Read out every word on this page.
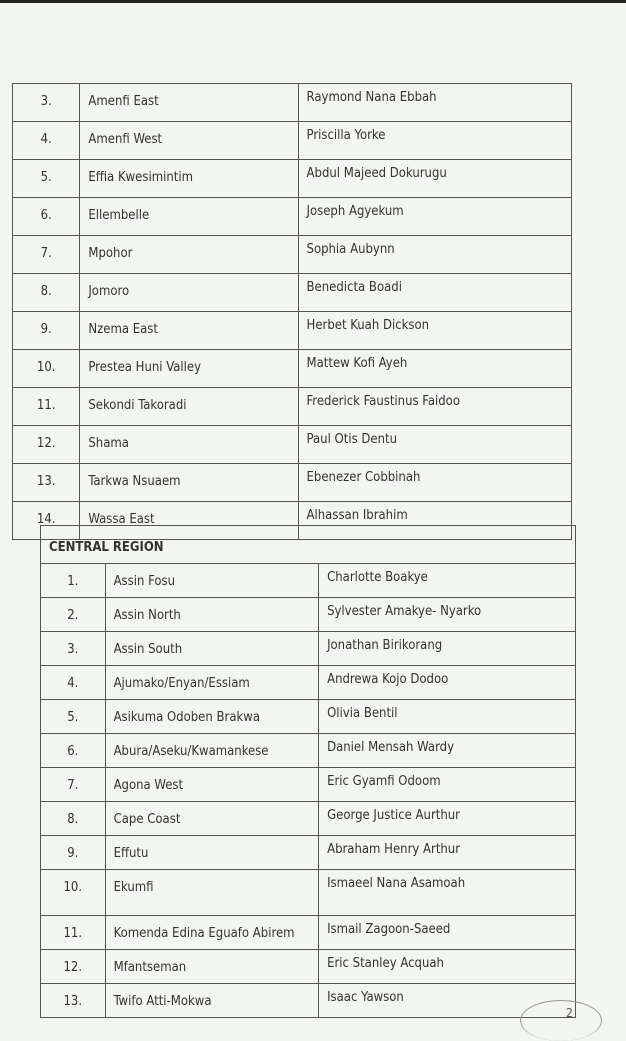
3.	Amenfi East	Raymond Nana Ebbah
4.	Amenfi West	Priscilla Yorke
5.	Effia Kwesimintim	Abdul Majeed Dokurugu
6.	Ellembelle	Joseph Agyekum
7.	Mpohor	Sophia Aubynn
8.	Jomoro	Benedicta Boadi
9.	Nzema East	Herbet Kuah Dickson
10.	Prestea Huni Valley	Mattew Kofi Ayeh
11.	Sekondi Takoradi	Frederick Faustinus Faidoo
12.	Shama	Paul Otis Dentu
13.	Tarkwa Nsuaem	Ebenezer Cobbinah
14.	Wassa East	Alhassan Ibrahim
CENTRAL REGION		
1.	Assin Fosu	Charlotte Boakye
2.	Assin North	Sylvester Amakye- Nyarko
3.	Assin South	Jonathan Birikorang
4.	Ajumako/Enyan/Essiam	Andrewa Kojo Dodoo
5.	Asikuma Odoben Brakwa	Olivia Bentil
6.	Abura/Aseku/Kwamankese	Daniel Mensah Wardy
7.	Agona West	Eric Gyamfi Odoom
8.	Cape Coast	George Justice Aurthur
9.	Effutu	Abraham Henry Arthur
10.	Ekumfi	Ismaeel Nana Asamoah
11.	Komenda Edina Eguafo Abirem	Ismail Zagoon-Saeed
12.	Mfantseman	Eric Stanley Acquah
13.	Twifo Atti-Mokwa	Isaac Yawson
2
